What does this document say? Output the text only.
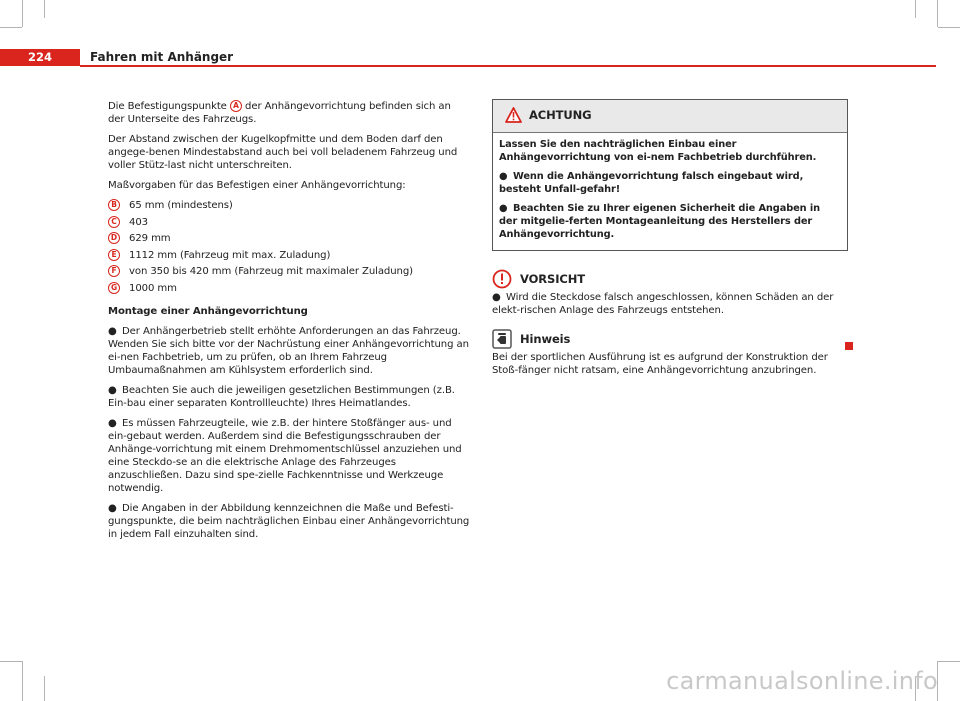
224	Fahren mit Anhänger

Die Befestigungspunkte A der Anhängevorrichtung befinden sich an der Unterseite des Fahrzeugs.

Der Abstand zwischen der Kugelkopfmitte und dem Boden darf den angege-benen Mindestabstand auch bei voll beladenem Fahrzeug und voller Stütz-last nicht unterschreiten.

Maßvorgaben für das Befestigen einer Anhängevorrichtung:

B	65 mm (mindestens)
C	403
D 629 mm
E	1112 mm (Fahrzeug mit max. Zuladung)
F	von 350 bis 420 mm (Fahrzeug mit maximaler Zuladung)
G 1000 mm

Montage einer Anhängevorrichtung

● Der Anhängerbetrieb stellt erhöhte Anforderungen an das Fahrzeug. Wenden Sie sich bitte vor der Nachrüstung einer Anhängevorrichtung an ei-nen Fachbetrieb, um zu prüfen, ob an Ihrem Fahrzeug Umbaumaßnahmen am Kühlsystem erforderlich sind.

● Beachten Sie auch die jeweiligen gesetzlichen Bestimmungen (z.B. Ein-bau einer separaten Kontrollleuchte) Ihres Heimatlandes.

● Es müssen Fahrzeugteile, wie z.B. der hintere Stoßfänger aus- und ein-gebaut werden. Außerdem sind die Befestigungsschrauben der Anhänge-vorrichtung mit einem Drehmomentschlüssel anzuziehen und eine Steckdo-se an die elektrische Anlage des Fahrzeuges anzuschließen. Dazu sind spe-zielle Fachkenntnisse und Werkzeuge notwendig.

● Die Angaben in der Abbildung kennzeichnen die Maße und Befesti-gungspunkte, die beim nachträglichen Einbau einer Anhängevorrichtung in jedem Fall einzuhalten sind.

ACHTUNG

Lassen Sie den nachträglichen Einbau einer Anhängevorrichtung von ei-nem Fachbetrieb durchführen.

● Wenn die Anhängevorrichtung falsch eingebaut wird, besteht Unfall-gefahr!

● Beachten Sie zu Ihrer eigenen Sicherheit die Angaben in der mitgelie-ferten Montageanleitung des Herstellers der Anhängevorrichtung.

VORSICHT

● Wird die Steckdose falsch angeschlossen, können Schäden an der elekt-rischen Anlage des Fahrzeugs entstehen.

Hinweis

Bei der sportlichen Ausführung ist es aufgrund der Konstruktion der Stoß-fänger nicht ratsam, eine Anhängevorrichtung anzubringen.

carmanualsonline.info
